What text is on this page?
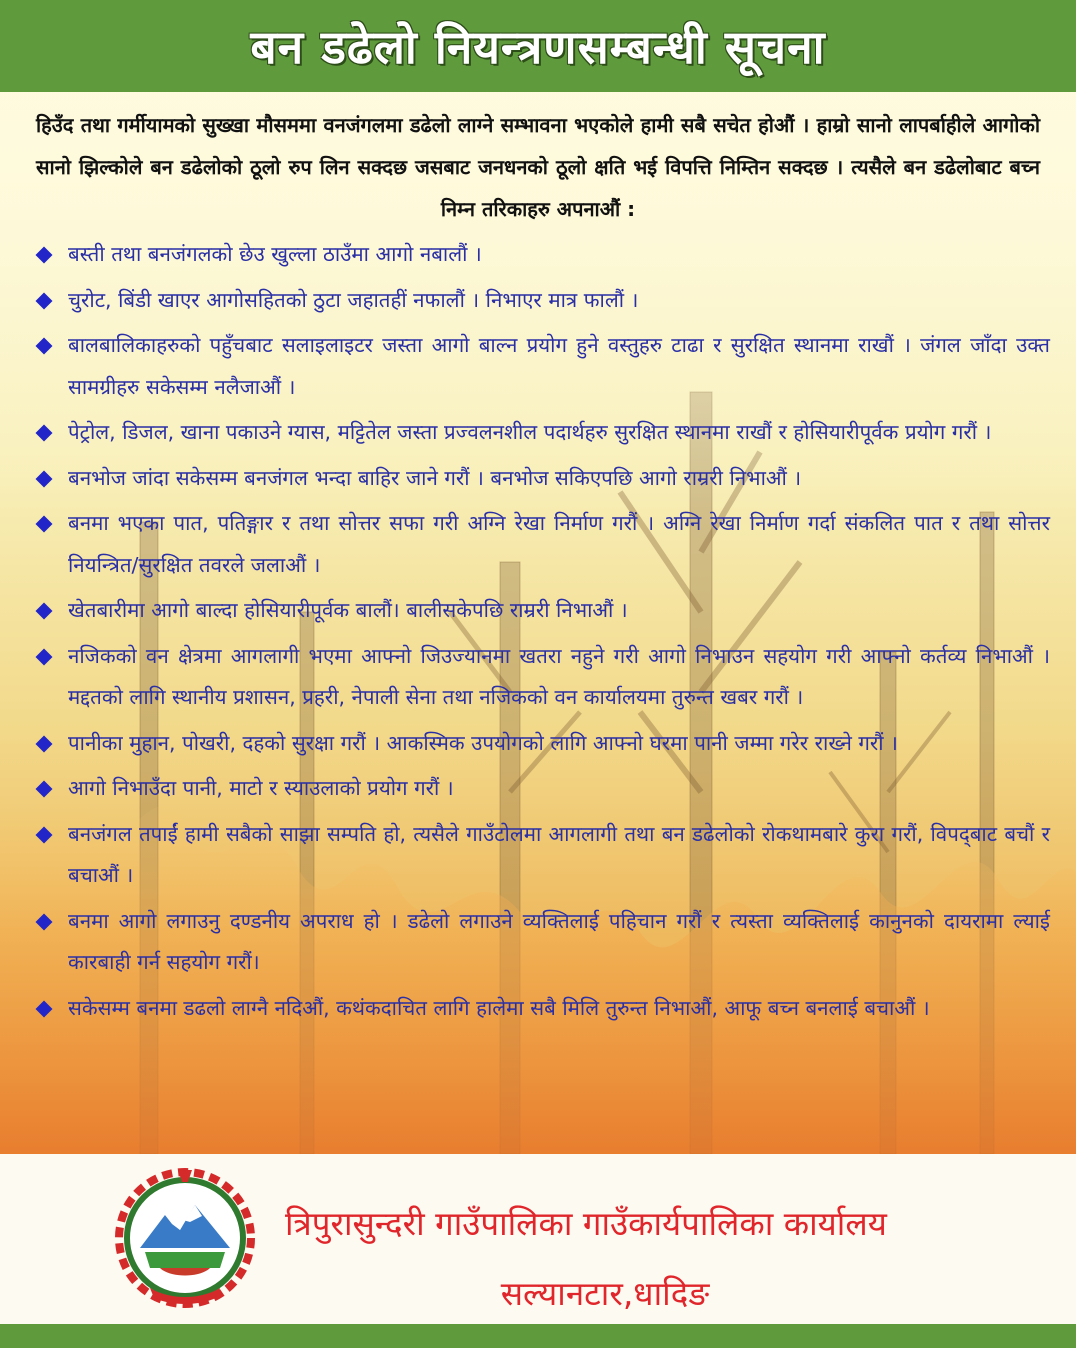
बन डढेलो नियन्त्रणसम्बन्धी सूचना

हिउँद तथा गर्मीयामको सुख्खा मौसममा वनजंगलमा डढेलो लाग्ने सम्भावना भएकोले हामी सबै सचेत होऔं । हाम्रो सानो लापर्बाहीले आगोको सानो झिल्कोले बन डढेलोको ठूलो रुप लिन सक्दछ जसबाट जनधनको ठूलो क्षति भई विपत्ति निम्तिन सक्दछ । त्यसैले बन डढेलोबाट बच्न निम्न तरिकाहरु अपनाऔं :

बस्ती तथा बनजंगलको छेउ खुल्ला ठाउँमा आगो नबालौं ।
चुरोट, बिंडी खाएर आगोसहितको ठुटा जहातहीं नफालौं । निभाएर मात्र फालौं ।
बालबालिकाहरुको पहुँचबाट सलाइलाइटर जस्ता आगो बाल्न प्रयोग हुने वस्तुहरु टाढा र सुरक्षित स्थानमा राखौं । जंगल जाँदा उक्त सामग्रीहरु सकेसम्म नलैजाऔं ।
पेट्रोल, डिजल, खाना पकाउने ग्यास, मट्टितेल जस्ता प्रज्वलनशील पदार्थहरु सुरक्षित स्थानमा राखौं र होसियारीपूर्वक प्रयोग गरौं ।
बनभोज जांदा सकेसम्म बनजंगल भन्दा बाहिर जाने गरौं । बनभोज सकिएपछि आगो राम्ररी निभाऔं ।
बनमा भएका पात, पतिङ्गार र तथा सोत्तर सफा गरी अग्नि रेखा निर्माण गरौं । अग्नि रेखा निर्माण गर्दा संकलित पात र तथा सोत्तर नियन्त्रित/सुरक्षित तवरले जलाऔं ।
खेतबारीमा आगो बाल्दा होसियारीपूर्वक बालौं। बालीसकेपछि राम्ररी निभाऔं ।
नजिकको वन क्षेत्रमा आगलागी भएमा आफ्नो जिउज्यानमा खतरा नहुने गरी आगो निभाउन सहयोग गरी आफ्नो कर्तव्य निभाऔं । मद्दतको लागि स्थानीय प्रशासन, प्रहरी, नेपाली सेना तथा नजिकको वन कार्यालयमा तुरुन्त खबर गरौं ।
पानीका मुहान, पोखरी, दहको सुरक्षा गरौं । आकस्मिक उपयोगको लागि आफ्नो घरमा पानी जम्मा गरेर राख्ने गरौं ।
आगो निभाउँदा पानी, माटो र स्याउलाको प्रयोग गरौं ।
बनजंगल तपाईं हामी सबैको साझा सम्पति हो, त्यसैले गाउँटोलमा आगलागी तथा बन डढेलोको रोकथामबारे कुरा गरौं, विपद्‌बाट बचौं र बचाऔं ।
बनमा आगो लगाउनु दण्डनीय अपराध हो । डढेलो लगाउने व्यक्तिलाई पहिचान गरौं र त्यस्ता व्यक्तिलाई कानुनको दायरामा ल्याई कारबाही गर्न सहयोग गरौं।
सकेसम्म बनमा डढलो लाग्नै नदिऔं, कथंकदाचित लागि हालेमा सबै मिलि तुरुन्त निभाऔं, आफू बच्न बनलाई बचाऔं ।

त्रिपुरासुन्दरी गाउँपालिका गाउँकार्यपालिका कार्यालय

सल्यानटार,धादिङ
